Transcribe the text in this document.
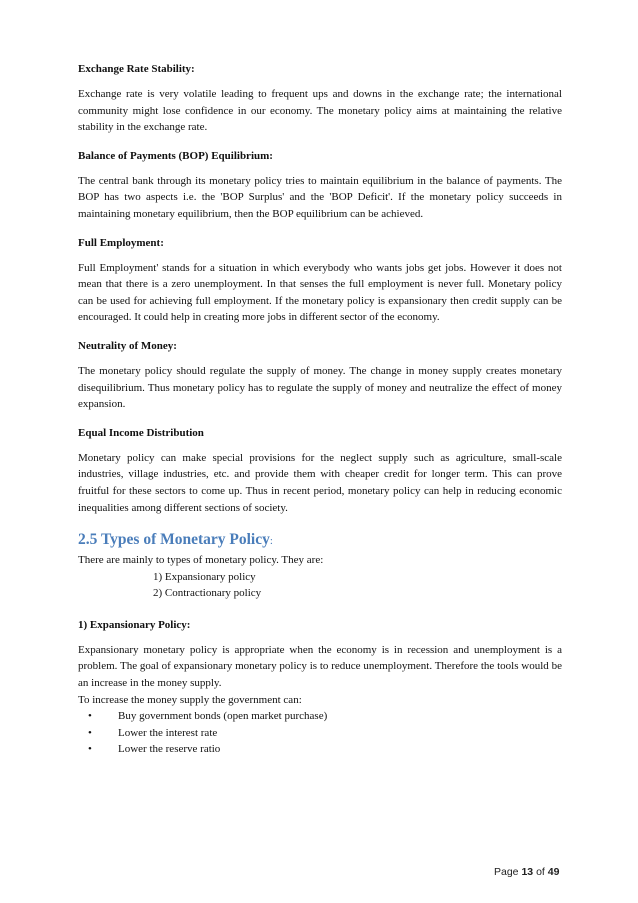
Exchange Rate Stability:
Exchange rate is very volatile leading to frequent ups and downs in the exchange rate; the international community might lose confidence in our economy. The monetary policy aims at maintaining the relative stability in the exchange rate.
Balance of Payments (BOP) Equilibrium:
The central bank through its monetary policy tries to maintain equilibrium in the balance of payments. The BOP has two aspects i.e. the 'BOP Surplus' and the 'BOP Deficit'. If the monetary policy succeeds in maintaining monetary equilibrium, then the BOP equilibrium can be achieved.
Full Employment:
Full Employment' stands for a situation in which everybody who wants jobs get jobs. However it does not mean that there is a zero unemployment. In that senses the full employment is never full. Monetary policy can be used for achieving full employment. If the monetary policy is expansionary then credit supply can be encouraged. It could help in creating more jobs in different sector of the economy.
Neutrality of Money:
The monetary policy should regulate the supply of money. The change in money supply creates monetary disequilibrium. Thus monetary policy has to regulate the supply of money and neutralize the effect of money expansion.
Equal Income Distribution
Monetary policy can make special provisions for the neglect supply such as agriculture, small-scale industries, village industries, etc. and provide them with cheaper credit for longer term. This can prove fruitful for these sectors to come up. Thus in recent period, monetary policy can help in reducing economic inequalities among different sections of society.
2.5 Types of Monetary Policy:
There are mainly to types of monetary policy. They are:
1) Expansionary policy
2) Contractionary policy
1) Expansionary Policy:
Expansionary monetary policy is appropriate when the economy is in recession and unemployment is a problem. The goal of expansionary monetary policy is to reduce unemployment. Therefore the tools would be an increase in the money supply.
To increase the money supply the government can:
•	Buy government bonds (open market purchase)
•	Lower the interest rate
•	Lower the reserve ratio
Page 13 of 49
